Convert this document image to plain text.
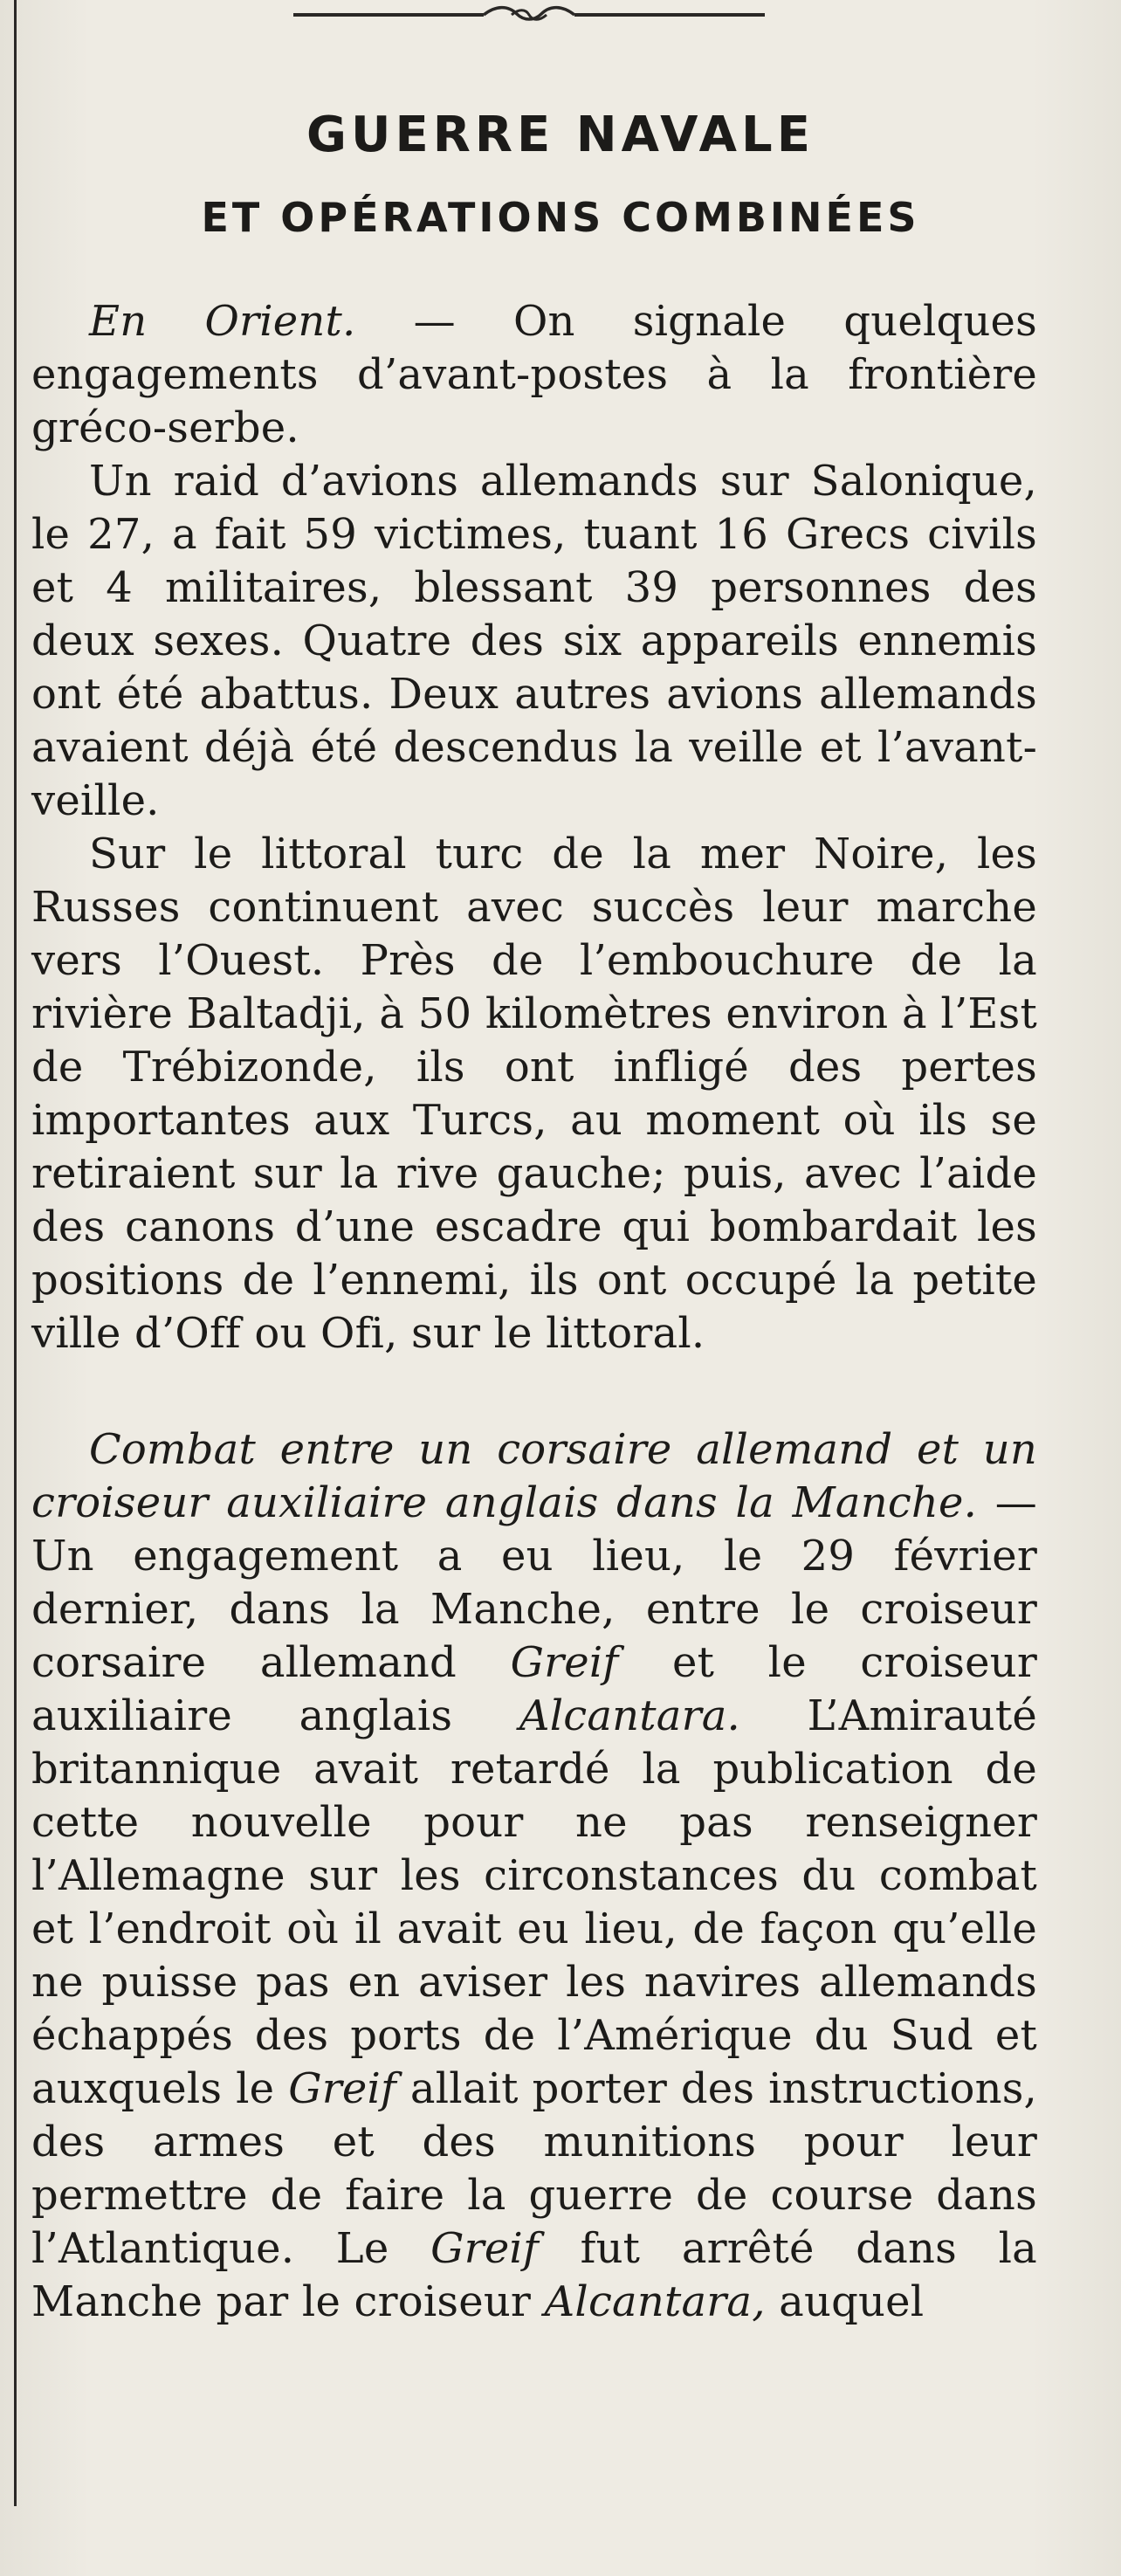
GUERRE NAVALE
ET OPÉRATIONS COMBINÉES

En Orient. — On signale quelques engagements d’avant-postes à la frontière gréco-serbe.

Un raid d’avions allemands sur Salonique, le 27, a fait 59 victimes, tuant 16 Grecs civils et 4 militaires, blessant 39 personnes des deux sexes. Quatre des six appareils ennemis ont été abattus. Deux autres avions allemands avaient déjà été descendus la veille et l’avant-veille.

Sur le littoral turc de la mer Noire, les Russes continuent avec succès leur marche vers l’Ouest. Près de l’embouchure de la rivière Baltadji, à 50 kilomètres environ à l’Est de Trébizonde, ils ont infligé des pertes importantes aux Turcs, au moment où ils se retiraient sur la rive gauche; puis, avec l’aide des canons d’une escadre qui bombardait les positions de l’ennemi, ils ont occupé la petite ville d’Off ou Ofi, sur le littoral.

Combat entre un corsaire allemand et un croiseur auxiliaire anglais dans la Manche. — Un engagement a eu lieu, le 29 février dernier, dans la Manche, entre le croiseur corsaire allemand Greif et le croiseur auxiliaire anglais Alcantara. L’Amirauté britannique avait retardé la publication de cette nouvelle pour ne pas renseigner l’Allemagne sur les circonstances du combat et l’endroit où il avait eu lieu, de façon qu’elle ne puisse pas en aviser les navires allemands échappés des ports de l’Amérique du Sud et auxquels le Greif allait porter des instructions, des armes et des munitions pour leur permettre de faire la guerre de course dans l’Atlantique. Le Greif fut arrêté dans la Manche par le croiseur Alcantara, auquel
